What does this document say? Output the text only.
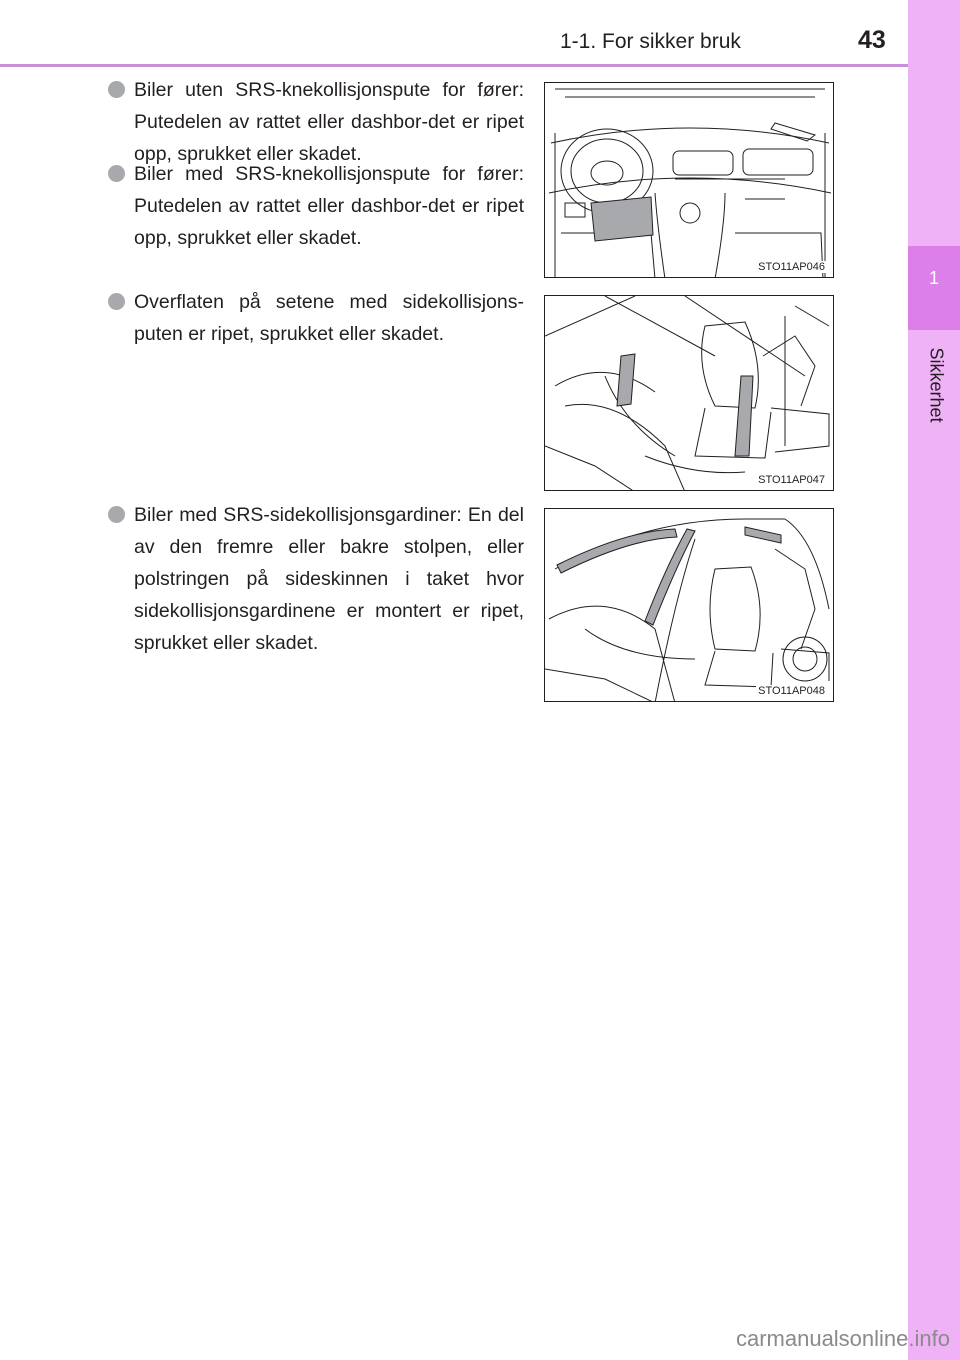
1-1. For sikker bruk	43
1
Sikkerhet
Biler uten SRS-knekollisjonspute for fører: Putedelen av rattet eller dashbor-det er ripet opp, sprukket eller skadet.
Biler med SRS-knekollisjonspute for fører: Putedelen av rattet eller dashbor-det er ripet opp, sprukket eller skadet.
Overflaten på setene med sidekollisjons-puten er ripet, sprukket eller skadet.
Biler med SRS-sidekollisjonsgardiner: En del av den fremre eller bakre stolpen, eller polstringen på sideskinnen i taket hvor sidekollisjonsgardinene er montert er ripet, sprukket eller skadet.
STO11AP046
STO11AP047
STO11AP048
carmanualsonline.info
